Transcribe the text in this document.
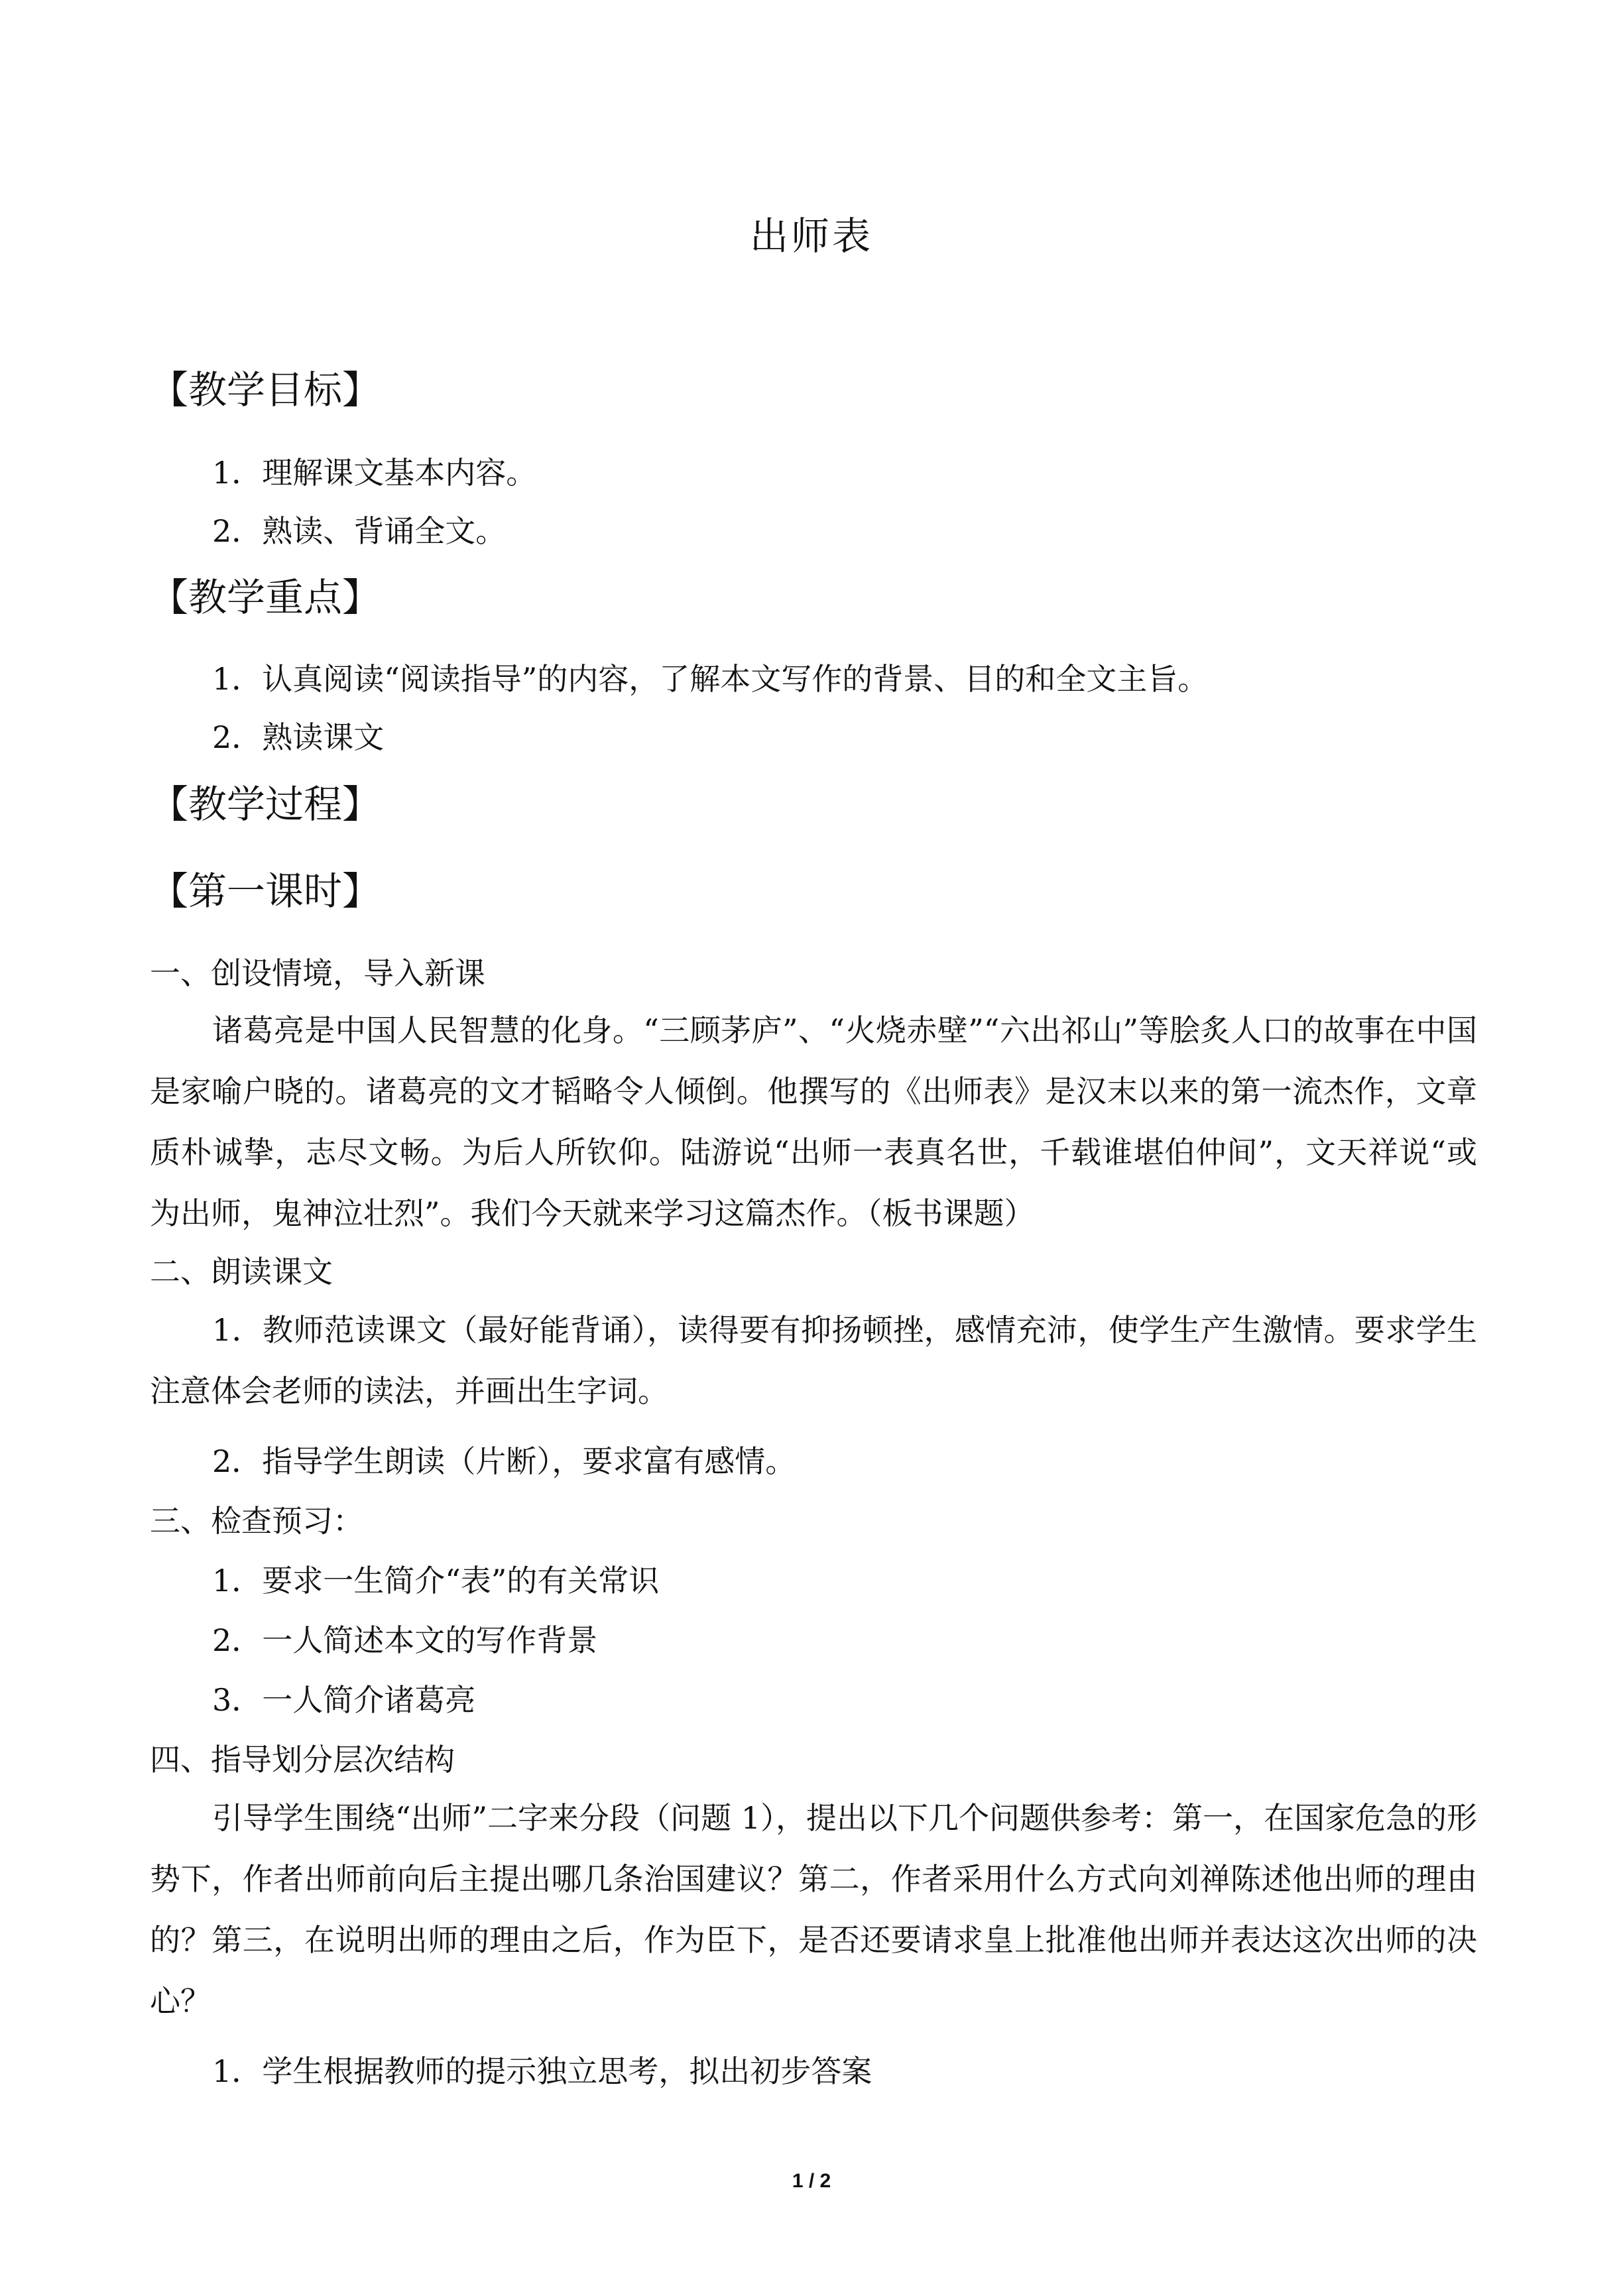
出师表
【教学目标】
1．理解课文基本内容。
2．熟读、背诵全文。
【教学重点】
1．认真阅读“阅读指导”的内容，了解本文写作的背景、目的和全文主旨。
2．熟读课文
【教学过程】
【第一课时】
一、创设情境，导入新课

诸葛亮是中国人民智慧的化身。“三顾茅庐”、“火烧赤壁”“六出祁山”等脍炙人口的故事在中国是家喻户晓的。诸葛亮的文才韬略令人倾倒。他撰写的《出师表》是汉末以来的第一流杰作，文章质朴诚挚，志尽文畅。为后人所钦仰。陆游说“出师一表真名世，千载谁堪伯仲间”，文天祥说“或为出师，鬼神泣壮烈”。我们今天就来学习这篇杰作。（板书课题）

二、朗读课文

1．教师范读课文（最好能背诵），读得要有抑扬顿挫，感情充沛，使学生产生激情。要求学生注意体会老师的读法，并画出生字词。

2．指导学生朗读（片断），要求富有感情。
三、检查预习：
1．要求一生简介“表”的有关常识
2．一人简述本文的写作背景
3．一人简介诸葛亮
四、指导划分层次结构

引导学生围绕“出师”二字来分段（问题 1），提出以下几个问题供参考：第一，在国家危急的形势下，作者出师前向后主提出哪几条治国建议？第二，作者采用什么方式向刘禅陈述他出师的理由的？第三，在说明出师的理由之后，作为臣下，是否还要请求皇上批准他出师并表达这次出师的决心？

1．学生根据教师的提示独立思考，拟出初步答案
1 / 2
